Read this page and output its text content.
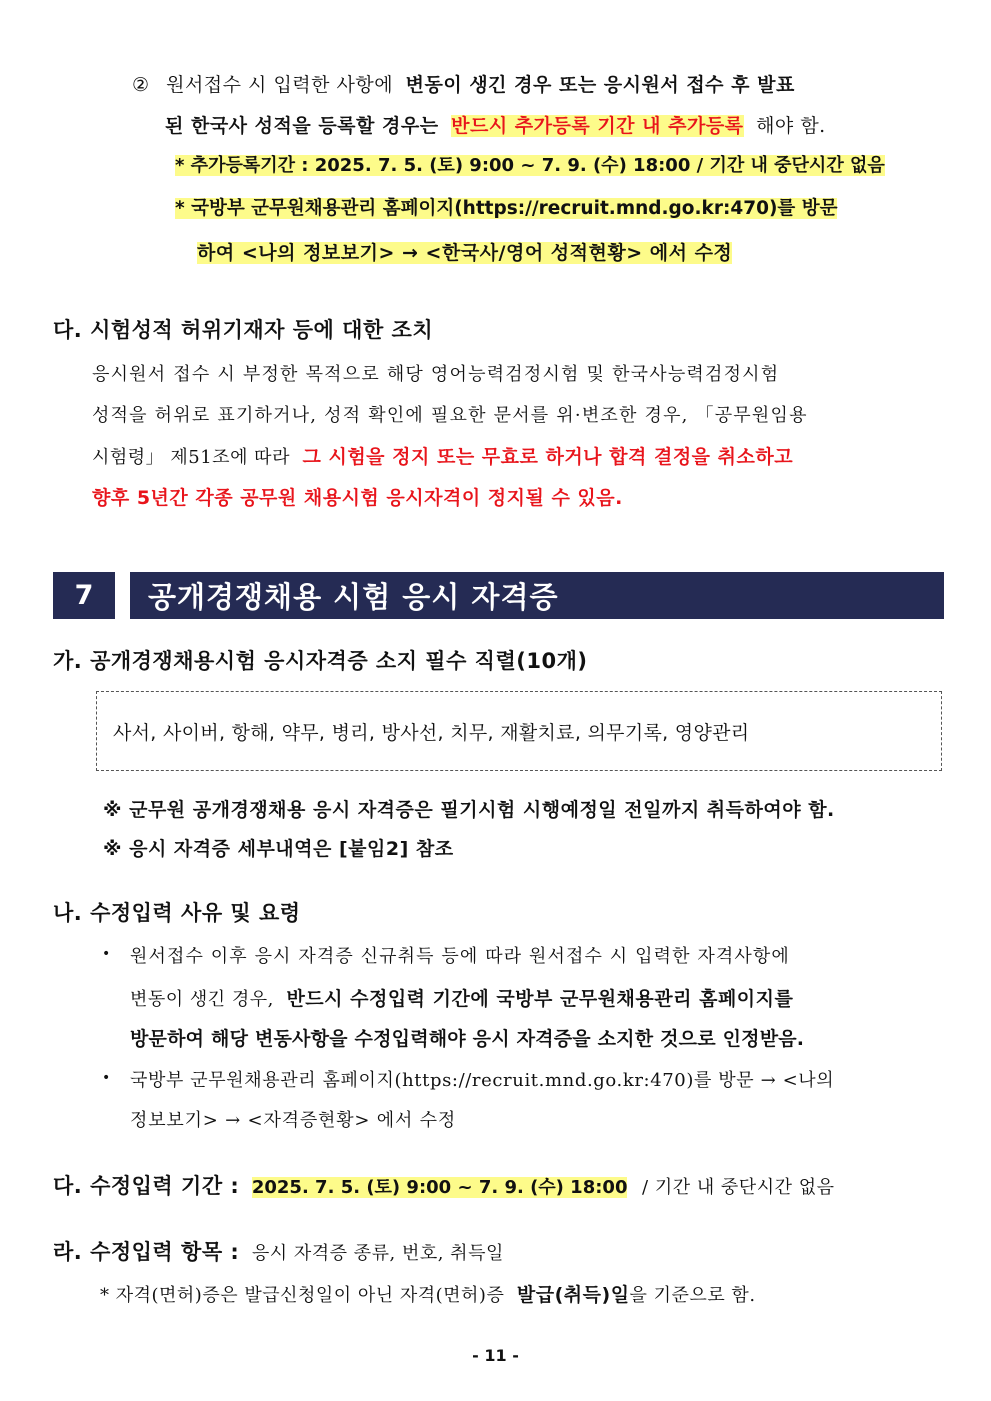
② 원서접수 시 입력한 사항에 변동이 생긴 경우 또는 응시원서 접수 후 발표
된 한국사 성적을 등록할 경우는 반드시 추가등록 기간 내 추가등록 해야 함.
* 추가등록기간 : 2025. 7. 5. (토) 9:00 ~ 7. 9. (수) 18:00 / 기간 내 중단시간 없음
* 국방부 군무원채용관리 홈페이지(https://recruit.mnd.go.kr:470)를 방문
하여 <나의 정보보기> → <한국사/영어 성적현황> 에서 수정
다. 시험성적 허위기재자 등에 대한 조치
응시원서 접수 시 부정한 목적으로 해당 영어능력검정시험 및 한국사능력검정시험
성적을 허위로 표기하거나, 성적 확인에 필요한 문서를 위·변조한 경우, 「공무원임용
시험령」 제51조에 따라 그 시험을 정지 또는 무효로 하거나 합격 결정을 취소하고
향후 5년간 각종 공무원 채용시험 응시자격이 정지될 수 있음.
7	공개경쟁채용 시험 응시 자격증
가. 공개경쟁채용시험 응시자격증 소지 필수 직렬(10개)
사서, 사이버, 항해, 약무, 병리, 방사선, 치무, 재활치료, 의무기록, 영양관리
※ 군무원 공개경쟁채용 응시 자격증은 필기시험 시행예정일 전일까지 취득하여야 함.
※ 응시 자격증 세부내역은 [붙임2] 참조
나. 수정입력 사유 및 요령
• 원서접수 이후 응시 자격증 신규취득 등에 따라 원서접수 시 입력한 자격사항에
변동이 생긴 경우, 반드시 수정입력 기간에 국방부 군무원채용관리 홈페이지를
방문하여 해당 변동사항을 수정입력해야 응시 자격증을 소지한 것으로 인정받음.
• 국방부 군무원채용관리 홈페이지(https://recruit.mnd.go.kr:470)를 방문 → <나의
정보보기> → <자격증현황> 에서 수정
다. 수정입력 기간 : 2025. 7. 5. (토) 9:00 ~ 7. 9. (수) 18:00 / 기간 내 중단시간 없음
라. 수정입력 항목 : 응시 자격증 종류, 번호, 취득일
* 자격(면허)증은 발급신청일이 아닌 자격(면허)증 발급(취득)일을 기준으로 함.
- 11 -
